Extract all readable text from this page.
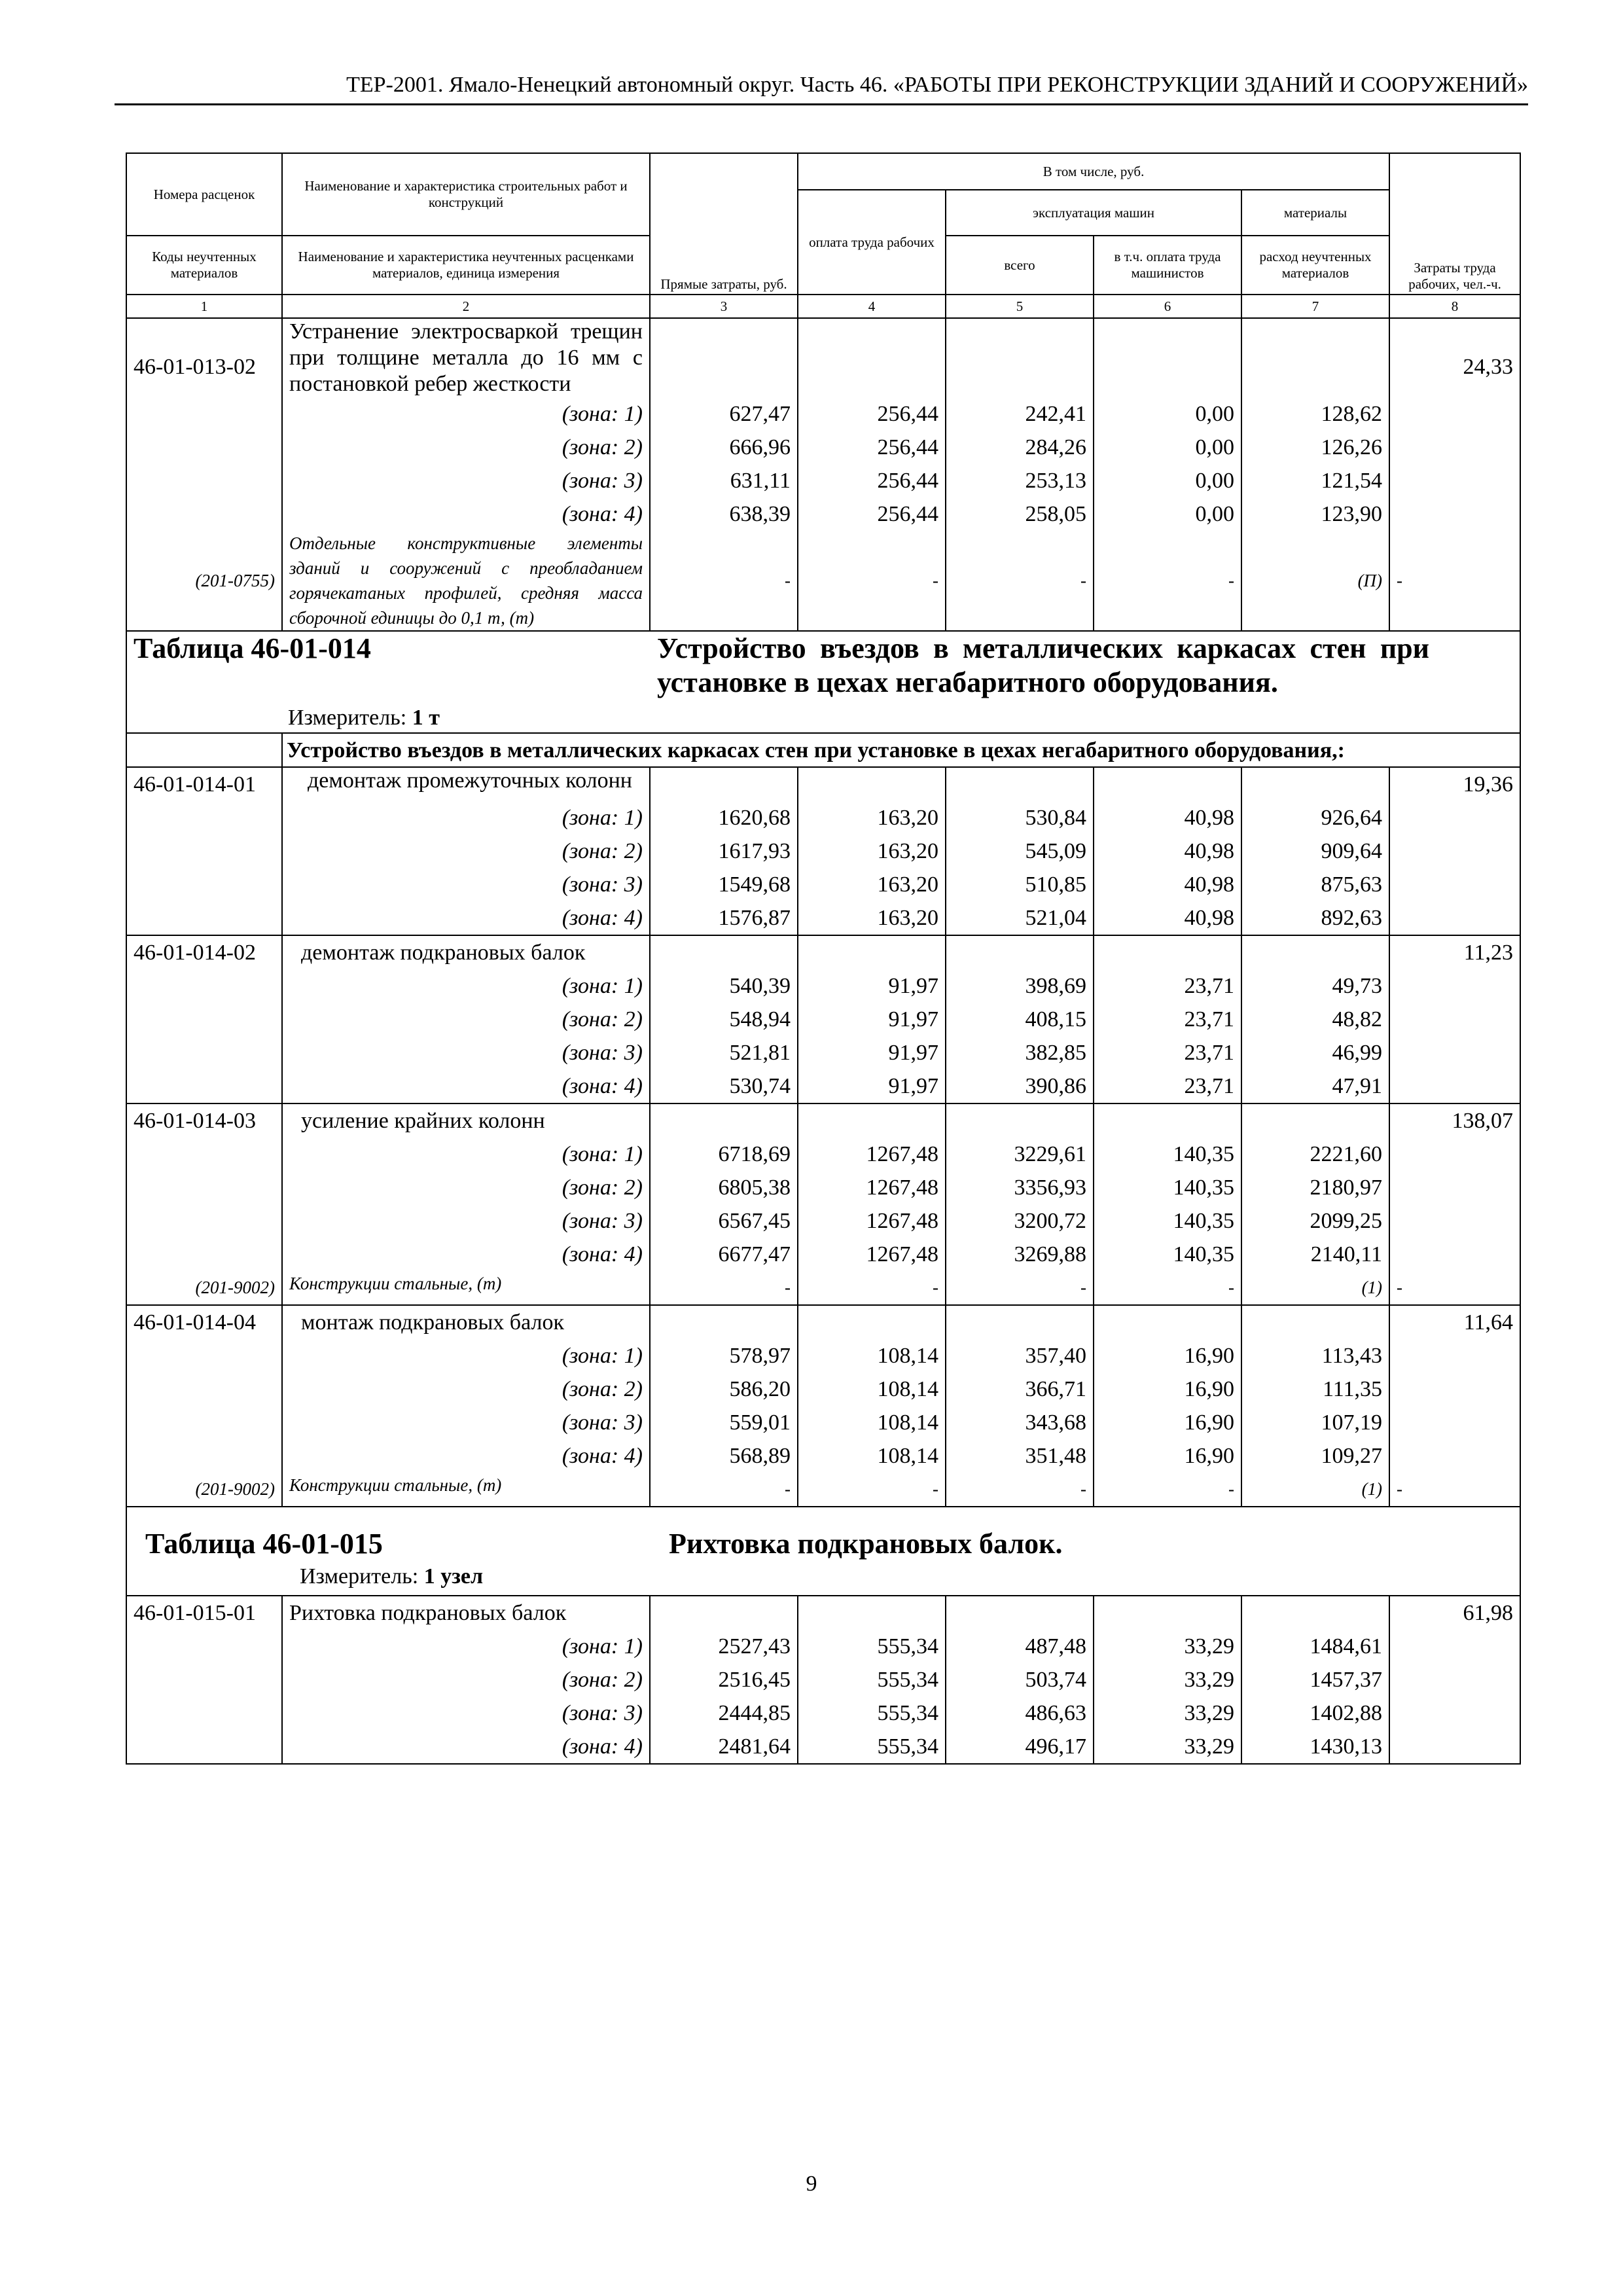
ТЕР-2001. Ямало-Ненецкий автономный округ. Часть 46. «РАБОТЫ ПРИ РЕКОНСТРУКЦИИ ЗДАНИЙ И СООРУЖЕНИЙ»
Номера расценок	Наименование и характеристика строительных работ и конструкций	Прямые затраты, руб.	В том числе, руб.				Затраты труда рабочих, чел.-ч.
			оплата труда рабочих	эксплуатация машин		материалы	
Коды неучтенных материалов	Наименование и характеристика неучтенных расценками материалов, единица измерения			всего	в т.ч. оплата труда машинистов	расход неучтенных материалов	
1	2	3	4	5	6	7	8
46-01-013-02	Устранение электросваркой трещин при толщине металла до 16 мм с постановкой ребер жесткости						24,33
	(зона: 1)	627,47	256,44	242,41	0,00	128,62	
	(зона: 2)	666,96	256,44	284,26	0,00	126,26	
	(зона: 3)	631,11	256,44	253,13	0,00	121,54	
	(зона: 4)	638,39	256,44	258,05	0,00	123,90	
(201-0755)	Отдельные конструктивные элементы зданий и сооружений с преобладанием горячекатаных профилей, средняя масса сборочной единицы до 0,1 т, (т)	-	-	-	-	(П)	-

Таблица 46-01-014 Устройство въездов в металлических каркасах стен при установке в цехах негабаритного оборудования.
Измеритель: 1 т							

	Устройство въездов в металлических каркасах стен при установке в цехах негабаритного оборудования,:						
46-01-014-01	демонтаж промежуточных колонн						19,36
	(зона: 1)	1620,68	163,20	530,84	40,98	926,64	
	(зона: 2)	1617,93	163,20	545,09	40,98	909,64	
	(зона: 3)	1549,68	163,20	510,85	40,98	875,63	
	(зона: 4)	1576,87	163,20	521,04	40,98	892,63	
46-01-014-02	демонтаж подкрановых балок						11,23
	(зона: 1)	540,39	91,97	398,69	23,71	49,73	
	(зона: 2)	548,94	91,97	408,15	23,71	48,82	
	(зона: 3)	521,81	91,97	382,85	23,71	46,99	
	(зона: 4)	530,74	91,97	390,86	23,71	47,91	
46-01-014-03	усиление крайних колонн						138,07
	(зона: 1)	6718,69	1267,48	3229,61	140,35	2221,60	
	(зона: 2)	6805,38	1267,48	3356,93	140,35	2180,97	
	(зона: 3)	6567,45	1267,48	3200,72	140,35	2099,25	
	(зона: 4)	6677,47	1267,48	3269,88	140,35	2140,11	
(201-9002)	Конструкции стальные, (т)	-	-	-	-	(1)	-
46-01-014-04	монтаж подкрановых балок						11,64
	(зона: 1)	578,97	108,14	357,40	16,90	113,43	
	(зона: 2)	586,20	108,14	366,71	16,90	111,35	
	(зона: 3)	559,01	108,14	343,68	16,90	107,19	
	(зона: 4)	568,89	108,14	351,48	16,90	109,27	
(201-9002)	Конструкции стальные, (т)	-	-	-	-	(1)	-

Таблица 46-01-015 Рихтовка подкрановых балок.
Измеритель: 1 узел							

46-01-015-01	Рихтовка подкрановых балок						61,98
	(зона: 1)	2527,43	555,34	487,48	33,29	1484,61	
	(зона: 2)	2516,45	555,34	503,74	33,29	1457,37	
	(зона: 3)	2444,85	555,34	486,63	33,29	1402,88	
	(зона: 4)	2481,64	555,34	496,17	33,29	1430,13	
9
